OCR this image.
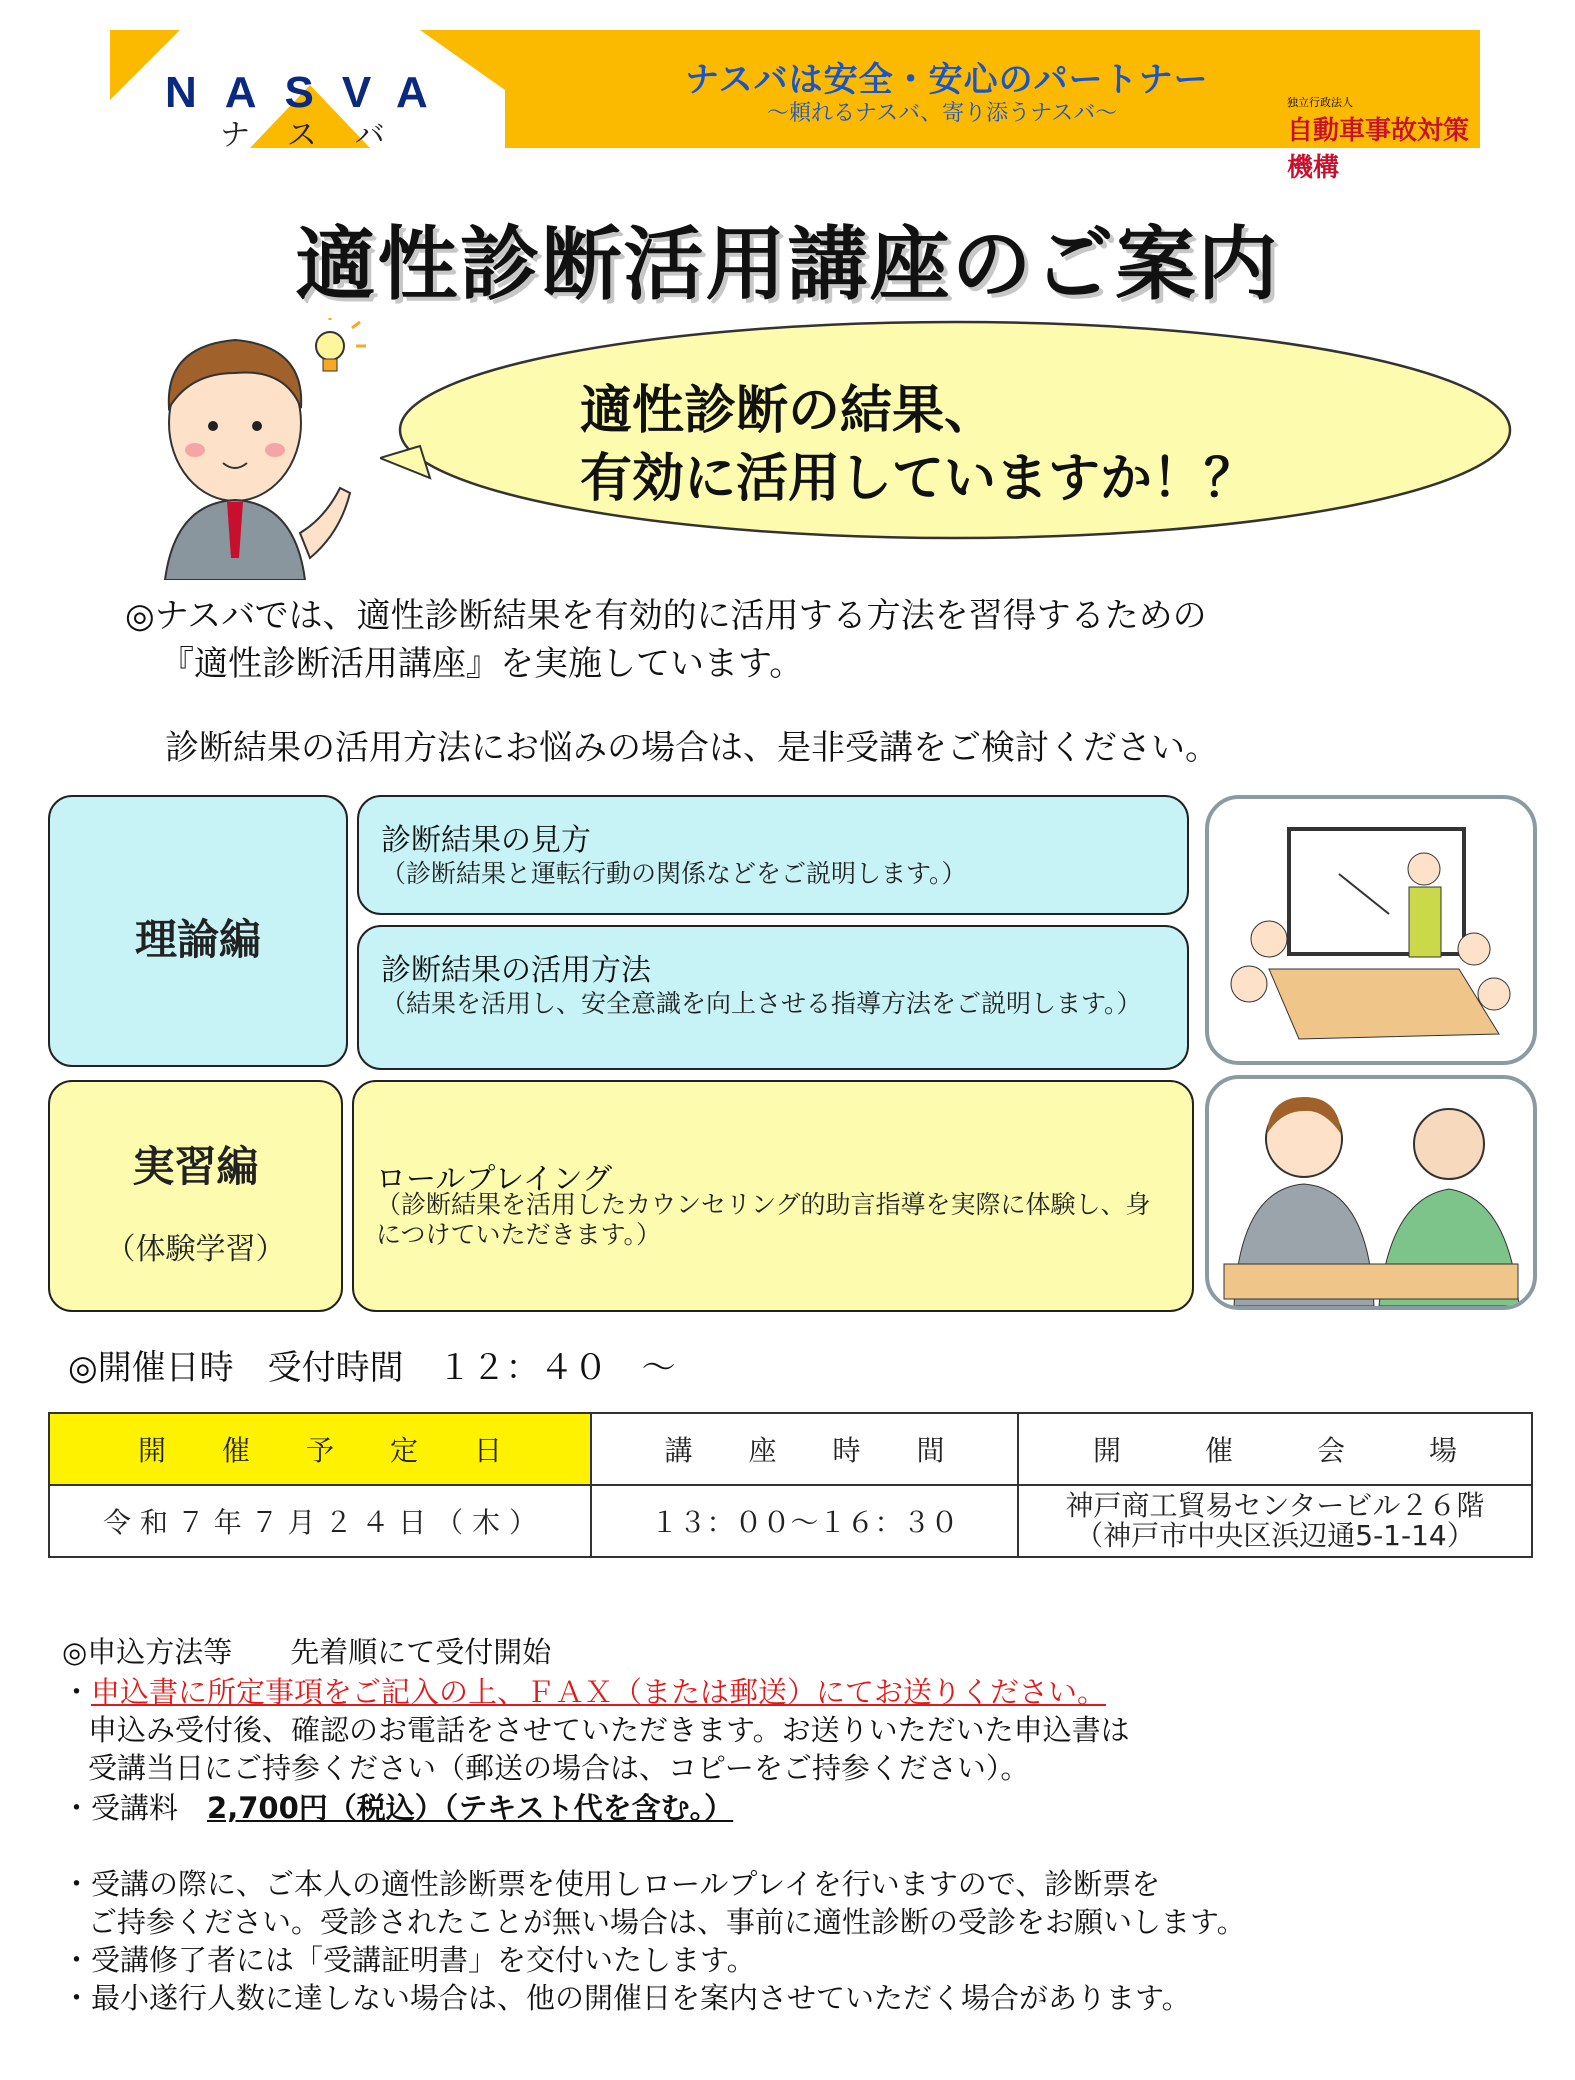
NASVA
ナスバ
ナスバは安全・安心のパートナー
～頼れるナスバ、寄り添うナスバ～	独立行政法人
自動車事故対策機構
適性診断活用講座のご案内
適性診断の結果、
有効に活用していますか！？
◎ナスバでは、適性診断結果を有効的に活用する方法を習得するための
『適性診断活用講座』を実施しています。
診断結果の活用方法にお悩みの場合は、是非受講をご検討ください。
理論編
診断結果の見方
（診断結果と運転行動の関係などをご説明します。）
診断結果の活用方法
（結果を活用し、安全意識を向上させる指導方法をご説明します。）
実習編
（体験学習）
ロールプレイング
（診断結果を活用したカウンセリング的助言指導を実際に体験し、身につけていただきます。）
◎開催日時　受付時間　１２：４０　～
開　　催　　予　　定　　日	講　　座　　時　　間	開　　　催　　　会　　　場
令 和 ７ 年 ７ 月 ２ ４ 日 （ 木 ）	１３：００～１６：３０	神戸商工貿易センタービル２６階
（神戸市中央区浜辺通5-1-14）
◎申込方法等　　先着順にて受付開始
・申込書に所定事項をご記入の上、ＦＡＸ（または郵送）にてお送りください。
申込み受付後、確認のお電話をさせていただきます。お送りいただいた申込書は
受講当日にご持参ください（郵送の場合は、コピーをご持参ください）。
・受講料　2,700円（税込）（テキスト代を含む。）
・受講の際に、ご本人の適性診断票を使用しロールプレイを行いますので、診断票を
ご持参ください。受診されたことが無い場合は、事前に適性診断の受診をお願いします。
・受講修了者には「受講証明書」を交付いたします。
・最小遂行人数に達しない場合は、他の開催日を案内させていただく場合があります。
